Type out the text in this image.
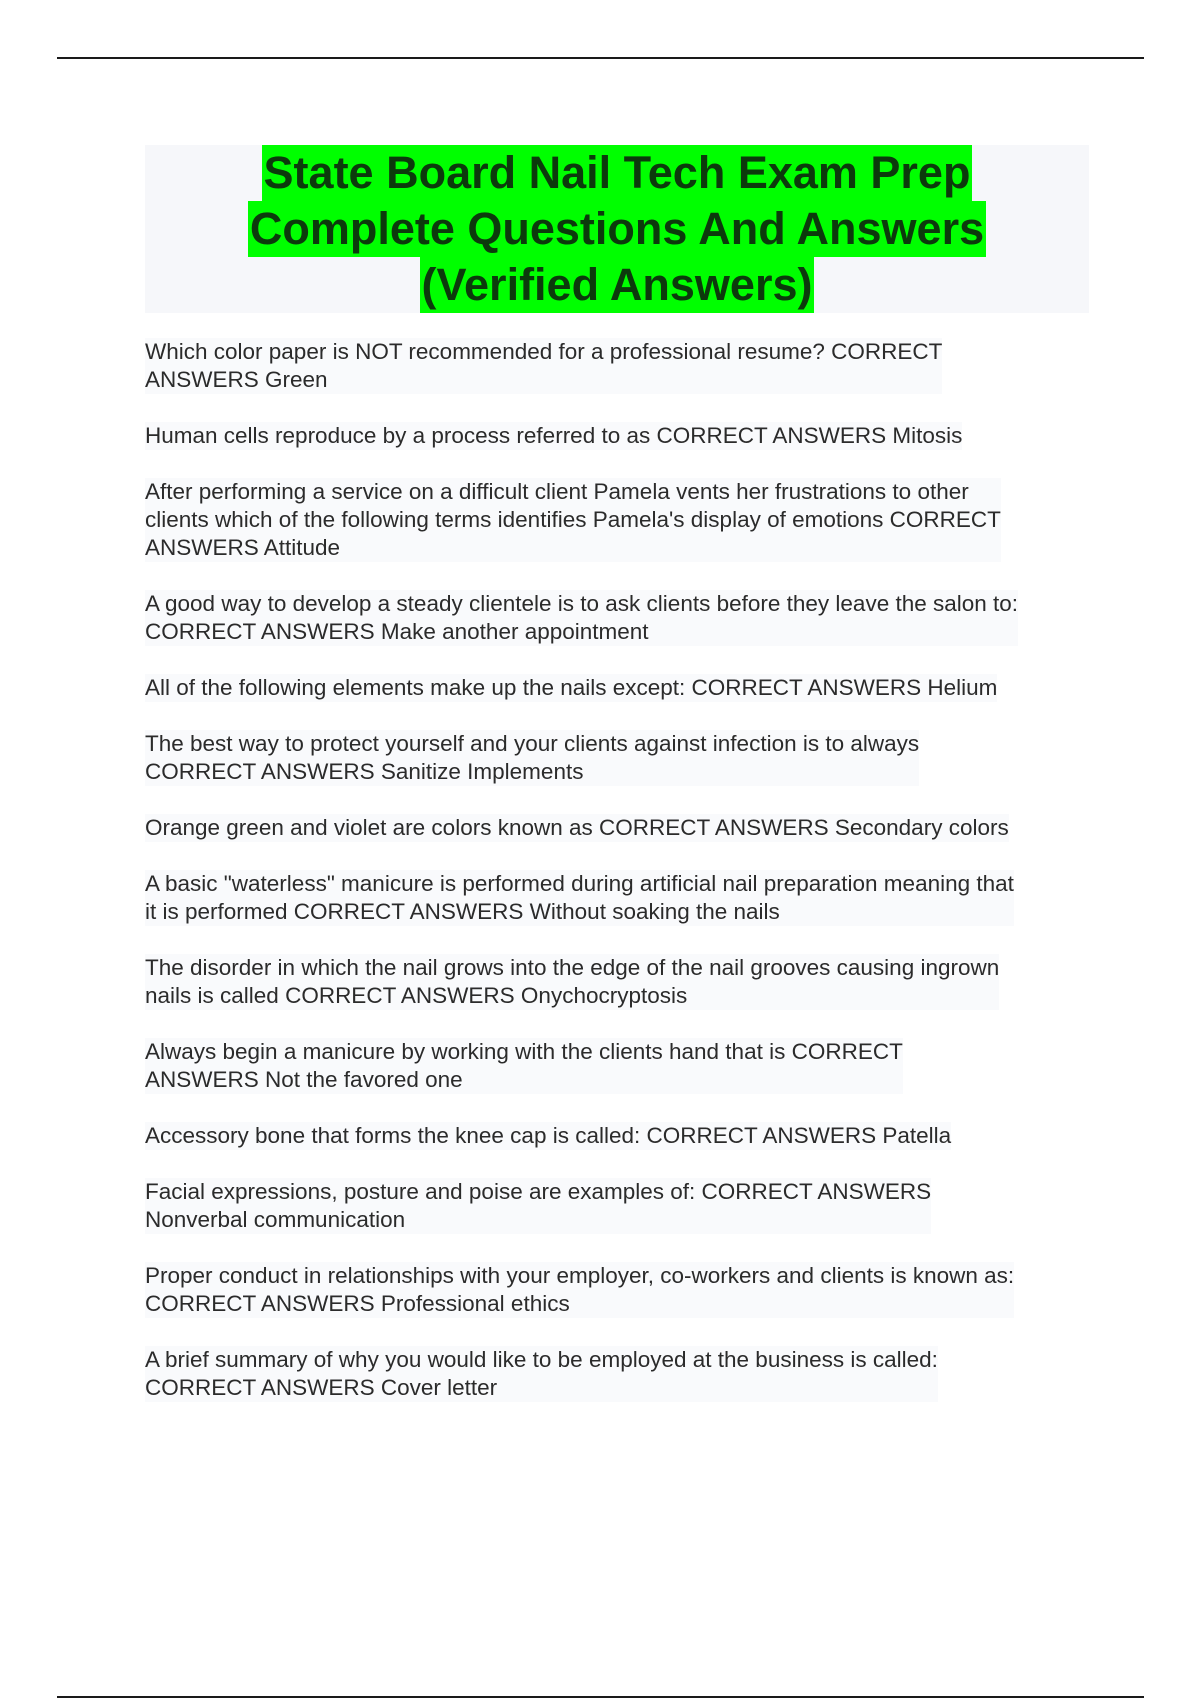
State Board Nail Tech Exam Prep
Complete Questions And Answers
(Verified Answers)
Which color paper is NOT recommended for a professional resume? CORRECT
ANSWERS Green
Human cells reproduce by a process referred to as CORRECT ANSWERS Mitosis
After performing a service on a difficult client Pamela vents her frustrations to other
clients which of the following terms identifies Pamela's display of emotions CORRECT
ANSWERS Attitude
A good way to develop a steady clientele is to ask clients before they leave the salon to:
CORRECT ANSWERS Make another appointment
All of the following elements make up the nails except: CORRECT ANSWERS Helium
The best way to protect yourself and your clients against infection is to always
CORRECT ANSWERS Sanitize Implements
Orange green and violet are colors known as CORRECT ANSWERS Secondary colors
A basic "waterless" manicure is performed during artificial nail preparation meaning that
it is performed CORRECT ANSWERS Without soaking the nails
The disorder in which the nail grows into the edge of the nail grooves causing ingrown
nails is called CORRECT ANSWERS Onychocryptosis
Always begin a manicure by working with the clients hand that is CORRECT
ANSWERS Not the favored one
Accessory bone that forms the knee cap is called: CORRECT ANSWERS Patella
Facial expressions, posture and poise are examples of: CORRECT ANSWERS
Nonverbal communication
Proper conduct in relationships with your employer, co-workers and clients is known as:
CORRECT ANSWERS Professional ethics
A brief summary of why you would like to be employed at the business is called:
CORRECT ANSWERS Cover letter
